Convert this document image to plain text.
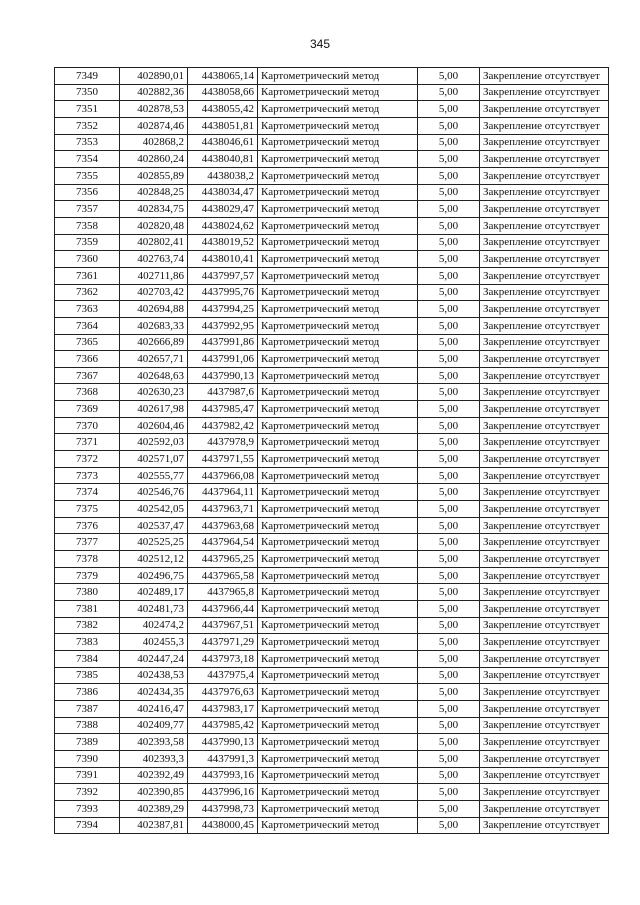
345
7349	402890,01	4438065,14	Картометрический метод	5,00	Закрепление отсутствует
7350	402882,36	4438058,66	Картометрический метод	5,00	Закрепление отсутствует
7351	402878,53	4438055,42	Картометрический метод	5,00	Закрепление отсутствует
7352	402874,46	4438051,81	Картометрический метод	5,00	Закрепление отсутствует
7353	402868,2	4438046,61	Картометрический метод	5,00	Закрепление отсутствует
7354	402860,24	4438040,81	Картометрический метод	5,00	Закрепление отсутствует
7355	402855,89	4438038,2	Картометрический метод	5,00	Закрепление отсутствует
7356	402848,25	4438034,47	Картометрический метод	5,00	Закрепление отсутствует
7357	402834,75	4438029,47	Картометрический метод	5,00	Закрепление отсутствует
7358	402820,48	4438024,62	Картометрический метод	5,00	Закрепление отсутствует
7359	402802,41	4438019,52	Картометрический метод	5,00	Закрепление отсутствует
7360	402763,74	4438010,41	Картометрический метод	5,00	Закрепление отсутствует
7361	402711,86	4437997,57	Картометрический метод	5,00	Закрепление отсутствует
7362	402703,42	4437995,76	Картометрический метод	5,00	Закрепление отсутствует
7363	402694,88	4437994,25	Картометрический метод	5,00	Закрепление отсутствует
7364	402683,33	4437992,95	Картометрический метод	5,00	Закрепление отсутствует
7365	402666,89	4437991,86	Картометрический метод	5,00	Закрепление отсутствует
7366	402657,71	4437991,06	Картометрический метод	5,00	Закрепление отсутствует
7367	402648,63	4437990,13	Картометрический метод	5,00	Закрепление отсутствует
7368	402630,23	4437987,6	Картометрический метод	5,00	Закрепление отсутствует
7369	402617,98	4437985,47	Картометрический метод	5,00	Закрепление отсутствует
7370	402604,46	4437982,42	Картометрический метод	5,00	Закрепление отсутствует
7371	402592,03	4437978,9	Картометрический метод	5,00	Закрепление отсутствует
7372	402571,07	4437971,55	Картометрический метод	5,00	Закрепление отсутствует
7373	402555,77	4437966,08	Картометрический метод	5,00	Закрепление отсутствует
7374	402546,76	4437964,11	Картометрический метод	5,00	Закрепление отсутствует
7375	402542,05	4437963,71	Картометрический метод	5,00	Закрепление отсутствует
7376	402537,47	4437963,68	Картометрический метод	5,00	Закрепление отсутствует
7377	402525,25	4437964,54	Картометрический метод	5,00	Закрепление отсутствует
7378	402512,12	4437965,25	Картометрический метод	5,00	Закрепление отсутствует
7379	402496,75	4437965,58	Картометрический метод	5,00	Закрепление отсутствует
7380	402489,17	4437965,8	Картометрический метод	5,00	Закрепление отсутствует
7381	402481,73	4437966,44	Картометрический метод	5,00	Закрепление отсутствует
7382	402474,2	4437967,51	Картометрический метод	5,00	Закрепление отсутствует
7383	402455,3	4437971,29	Картометрический метод	5,00	Закрепление отсутствует
7384	402447,24	4437973,18	Картометрический метод	5,00	Закрепление отсутствует
7385	402438,53	4437975,4	Картометрический метод	5,00	Закрепление отсутствует
7386	402434,35	4437976,63	Картометрический метод	5,00	Закрепление отсутствует
7387	402416,47	4437983,17	Картометрический метод	5,00	Закрепление отсутствует
7388	402409,77	4437985,42	Картометрический метод	5,00	Закрепление отсутствует
7389	402393,58	4437990,13	Картометрический метод	5,00	Закрепление отсутствует
7390	402393,3	4437991,3	Картометрический метод	5,00	Закрепление отсутствует
7391	402392,49	4437993,16	Картометрический метод	5,00	Закрепление отсутствует
7392	402390,85	4437996,16	Картометрический метод	5,00	Закрепление отсутствует
7393	402389,29	4437998,73	Картометрический метод	5,00	Закрепление отсутствует
7394	402387,81	4438000,45	Картометрический метод	5,00	Закрепление отсутствует
